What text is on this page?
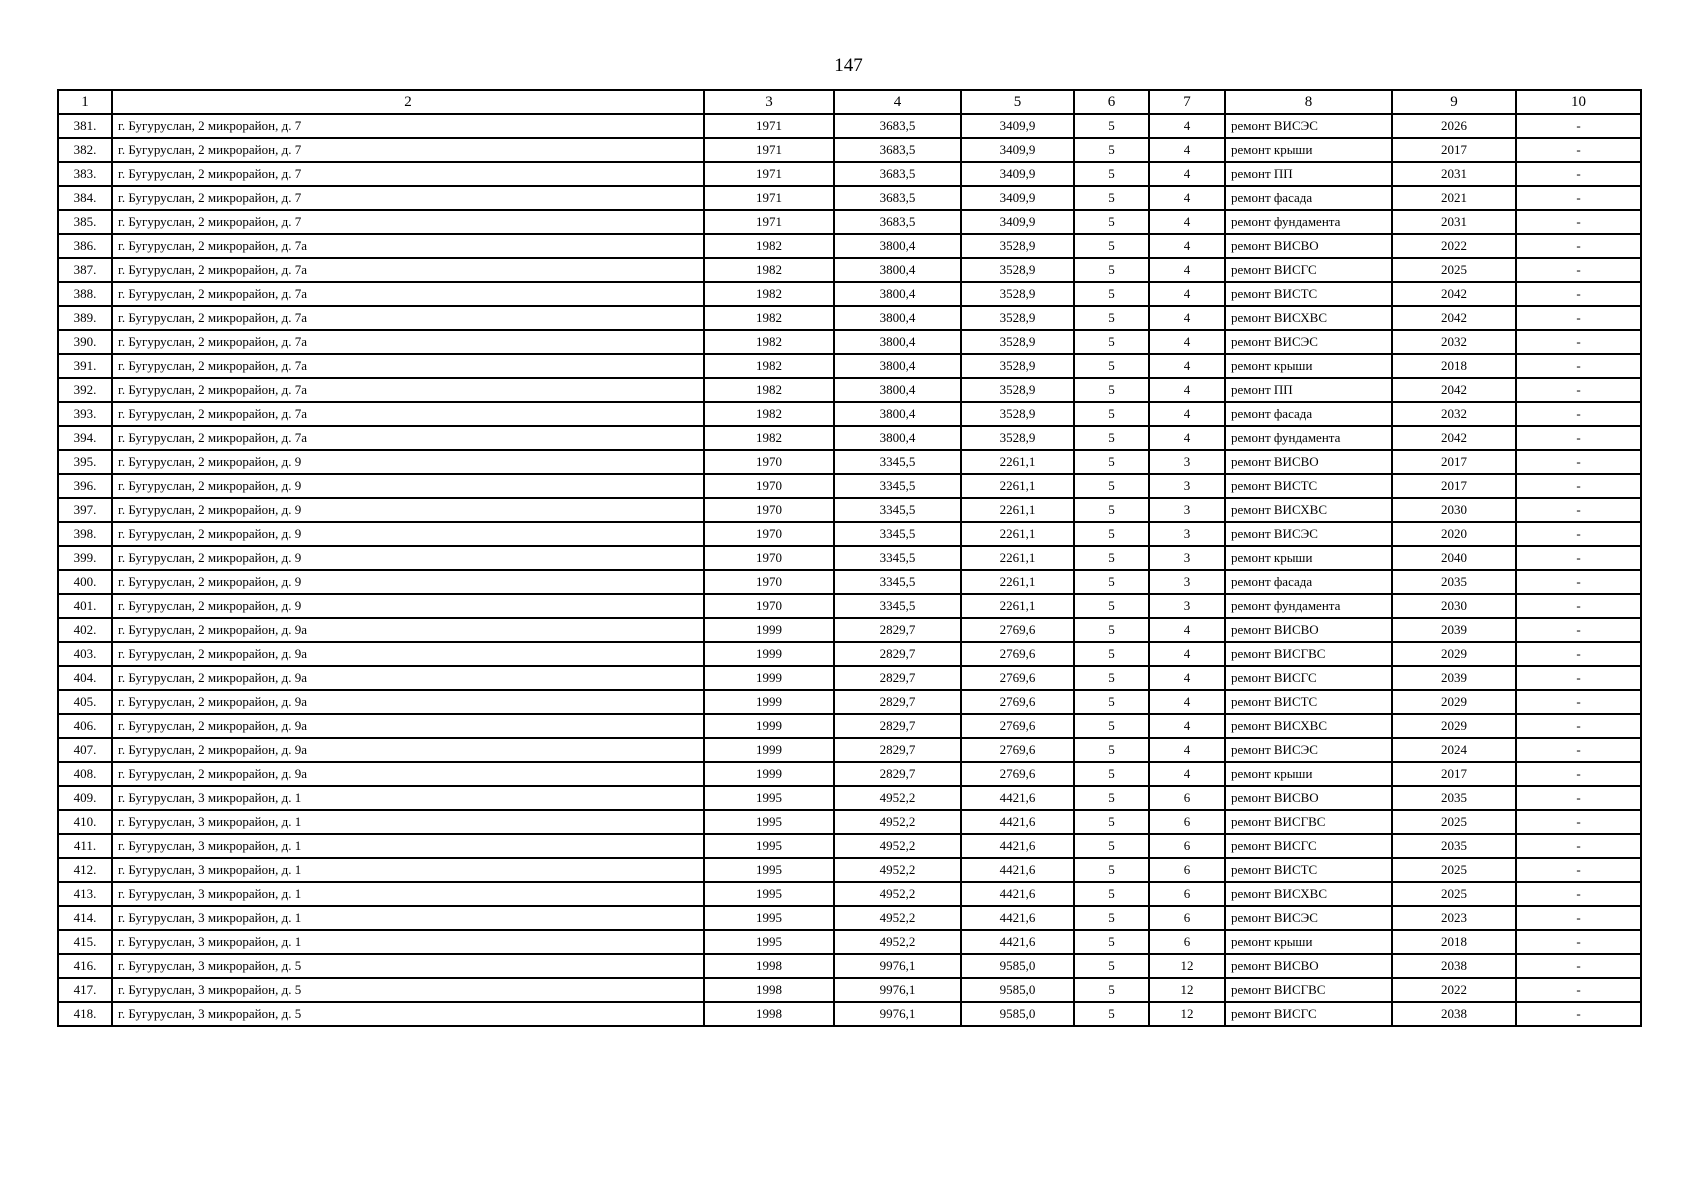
147
1	2	3	4	5	6	7	8	9	10
381.	г. Бугуруслан, 2 микрорайон, д. 7	1971	3683,5	3409,9	5	4	ремонт ВИСЭС	2026	-
382.	г. Бугуруслан, 2 микрорайон, д. 7	1971	3683,5	3409,9	5	4	ремонт крыши	2017	-
383.	г. Бугуруслан, 2 микрорайон, д. 7	1971	3683,5	3409,9	5	4	ремонт ПП	2031	-
384.	г. Бугуруслан, 2 микрорайон, д. 7	1971	3683,5	3409,9	5	4	ремонт фасада	2021	-
385.	г. Бугуруслан, 2 микрорайон, д. 7	1971	3683,5	3409,9	5	4	ремонт фундамента	2031	-
386.	г. Бугуруслан, 2 микрорайон, д. 7а	1982	3800,4	3528,9	5	4	ремонт ВИСВО	2022	-
387.	г. Бугуруслан, 2 микрорайон, д. 7а	1982	3800,4	3528,9	5	4	ремонт ВИСГС	2025	-
388.	г. Бугуруслан, 2 микрорайон, д. 7а	1982	3800,4	3528,9	5	4	ремонт ВИСТС	2042	-
389.	г. Бугуруслан, 2 микрорайон, д. 7а	1982	3800,4	3528,9	5	4	ремонт ВИСХВС	2042	-
390.	г. Бугуруслан, 2 микрорайон, д. 7а	1982	3800,4	3528,9	5	4	ремонт ВИСЭС	2032	-
391.	г. Бугуруслан, 2 микрорайон, д. 7а	1982	3800,4	3528,9	5	4	ремонт крыши	2018	-
392.	г. Бугуруслан, 2 микрорайон, д. 7а	1982	3800,4	3528,9	5	4	ремонт ПП	2042	-
393.	г. Бугуруслан, 2 микрорайон, д. 7а	1982	3800,4	3528,9	5	4	ремонт фасада	2032	-
394.	г. Бугуруслан, 2 микрорайон, д. 7а	1982	3800,4	3528,9	5	4	ремонт фундамента	2042	-
395.	г. Бугуруслан, 2 микрорайон, д. 9	1970	3345,5	2261,1	5	3	ремонт ВИСВО	2017	-
396.	г. Бугуруслан, 2 микрорайон, д. 9	1970	3345,5	2261,1	5	3	ремонт ВИСТС	2017	-
397.	г. Бугуруслан, 2 микрорайон, д. 9	1970	3345,5	2261,1	5	3	ремонт ВИСХВС	2030	-
398.	г. Бугуруслан, 2 микрорайон, д. 9	1970	3345,5	2261,1	5	3	ремонт ВИСЭС	2020	-
399.	г. Бугуруслан, 2 микрорайон, д. 9	1970	3345,5	2261,1	5	3	ремонт крыши	2040	-
400.	г. Бугуруслан, 2 микрорайон, д. 9	1970	3345,5	2261,1	5	3	ремонт фасада	2035	-
401.	г. Бугуруслан, 2 микрорайон, д. 9	1970	3345,5	2261,1	5	3	ремонт фундамента	2030	-
402.	г. Бугуруслан, 2 микрорайон, д. 9а	1999	2829,7	2769,6	5	4	ремонт ВИСВО	2039	-
403.	г. Бугуруслан, 2 микрорайон, д. 9а	1999	2829,7	2769,6	5	4	ремонт ВИСГВС	2029	-
404.	г. Бугуруслан, 2 микрорайон, д. 9а	1999	2829,7	2769,6	5	4	ремонт ВИСГС	2039	-
405.	г. Бугуруслан, 2 микрорайон, д. 9а	1999	2829,7	2769,6	5	4	ремонт ВИСТС	2029	-
406.	г. Бугуруслан, 2 микрорайон, д. 9а	1999	2829,7	2769,6	5	4	ремонт ВИСХВС	2029	-
407.	г. Бугуруслан, 2 микрорайон, д. 9а	1999	2829,7	2769,6	5	4	ремонт ВИСЭС	2024	-
408.	г. Бугуруслан, 2 микрорайон, д. 9а	1999	2829,7	2769,6	5	4	ремонт крыши	2017	-
409.	г. Бугуруслан, 3 микрорайон, д. 1	1995	4952,2	4421,6	5	6	ремонт ВИСВО	2035	-
410.	г. Бугуруслан, 3 микрорайон, д. 1	1995	4952,2	4421,6	5	6	ремонт ВИСГВС	2025	-
411.	г. Бугуруслан, 3 микрорайон, д. 1	1995	4952,2	4421,6	5	6	ремонт ВИСГС	2035	-
412.	г. Бугуруслан, 3 микрорайон, д. 1	1995	4952,2	4421,6	5	6	ремонт ВИСТС	2025	-
413.	г. Бугуруслан, 3 микрорайон, д. 1	1995	4952,2	4421,6	5	6	ремонт ВИСХВС	2025	-
414.	г. Бугуруслан, 3 микрорайон, д. 1	1995	4952,2	4421,6	5	6	ремонт ВИСЭС	2023	-
415.	г. Бугуруслан, 3 микрорайон, д. 1	1995	4952,2	4421,6	5	6	ремонт крыши	2018	-
416.	г. Бугуруслан, 3 микрорайон, д. 5	1998	9976,1	9585,0	5	12	ремонт ВИСВО	2038	-
417.	г. Бугуруслан, 3 микрорайон, д. 5	1998	9976,1	9585,0	5	12	ремонт ВИСГВС	2022	-
418.	г. Бугуруслан, 3 микрорайон, д. 5	1998	9976,1	9585,0	5	12	ремонт ВИСГС	2038	-
